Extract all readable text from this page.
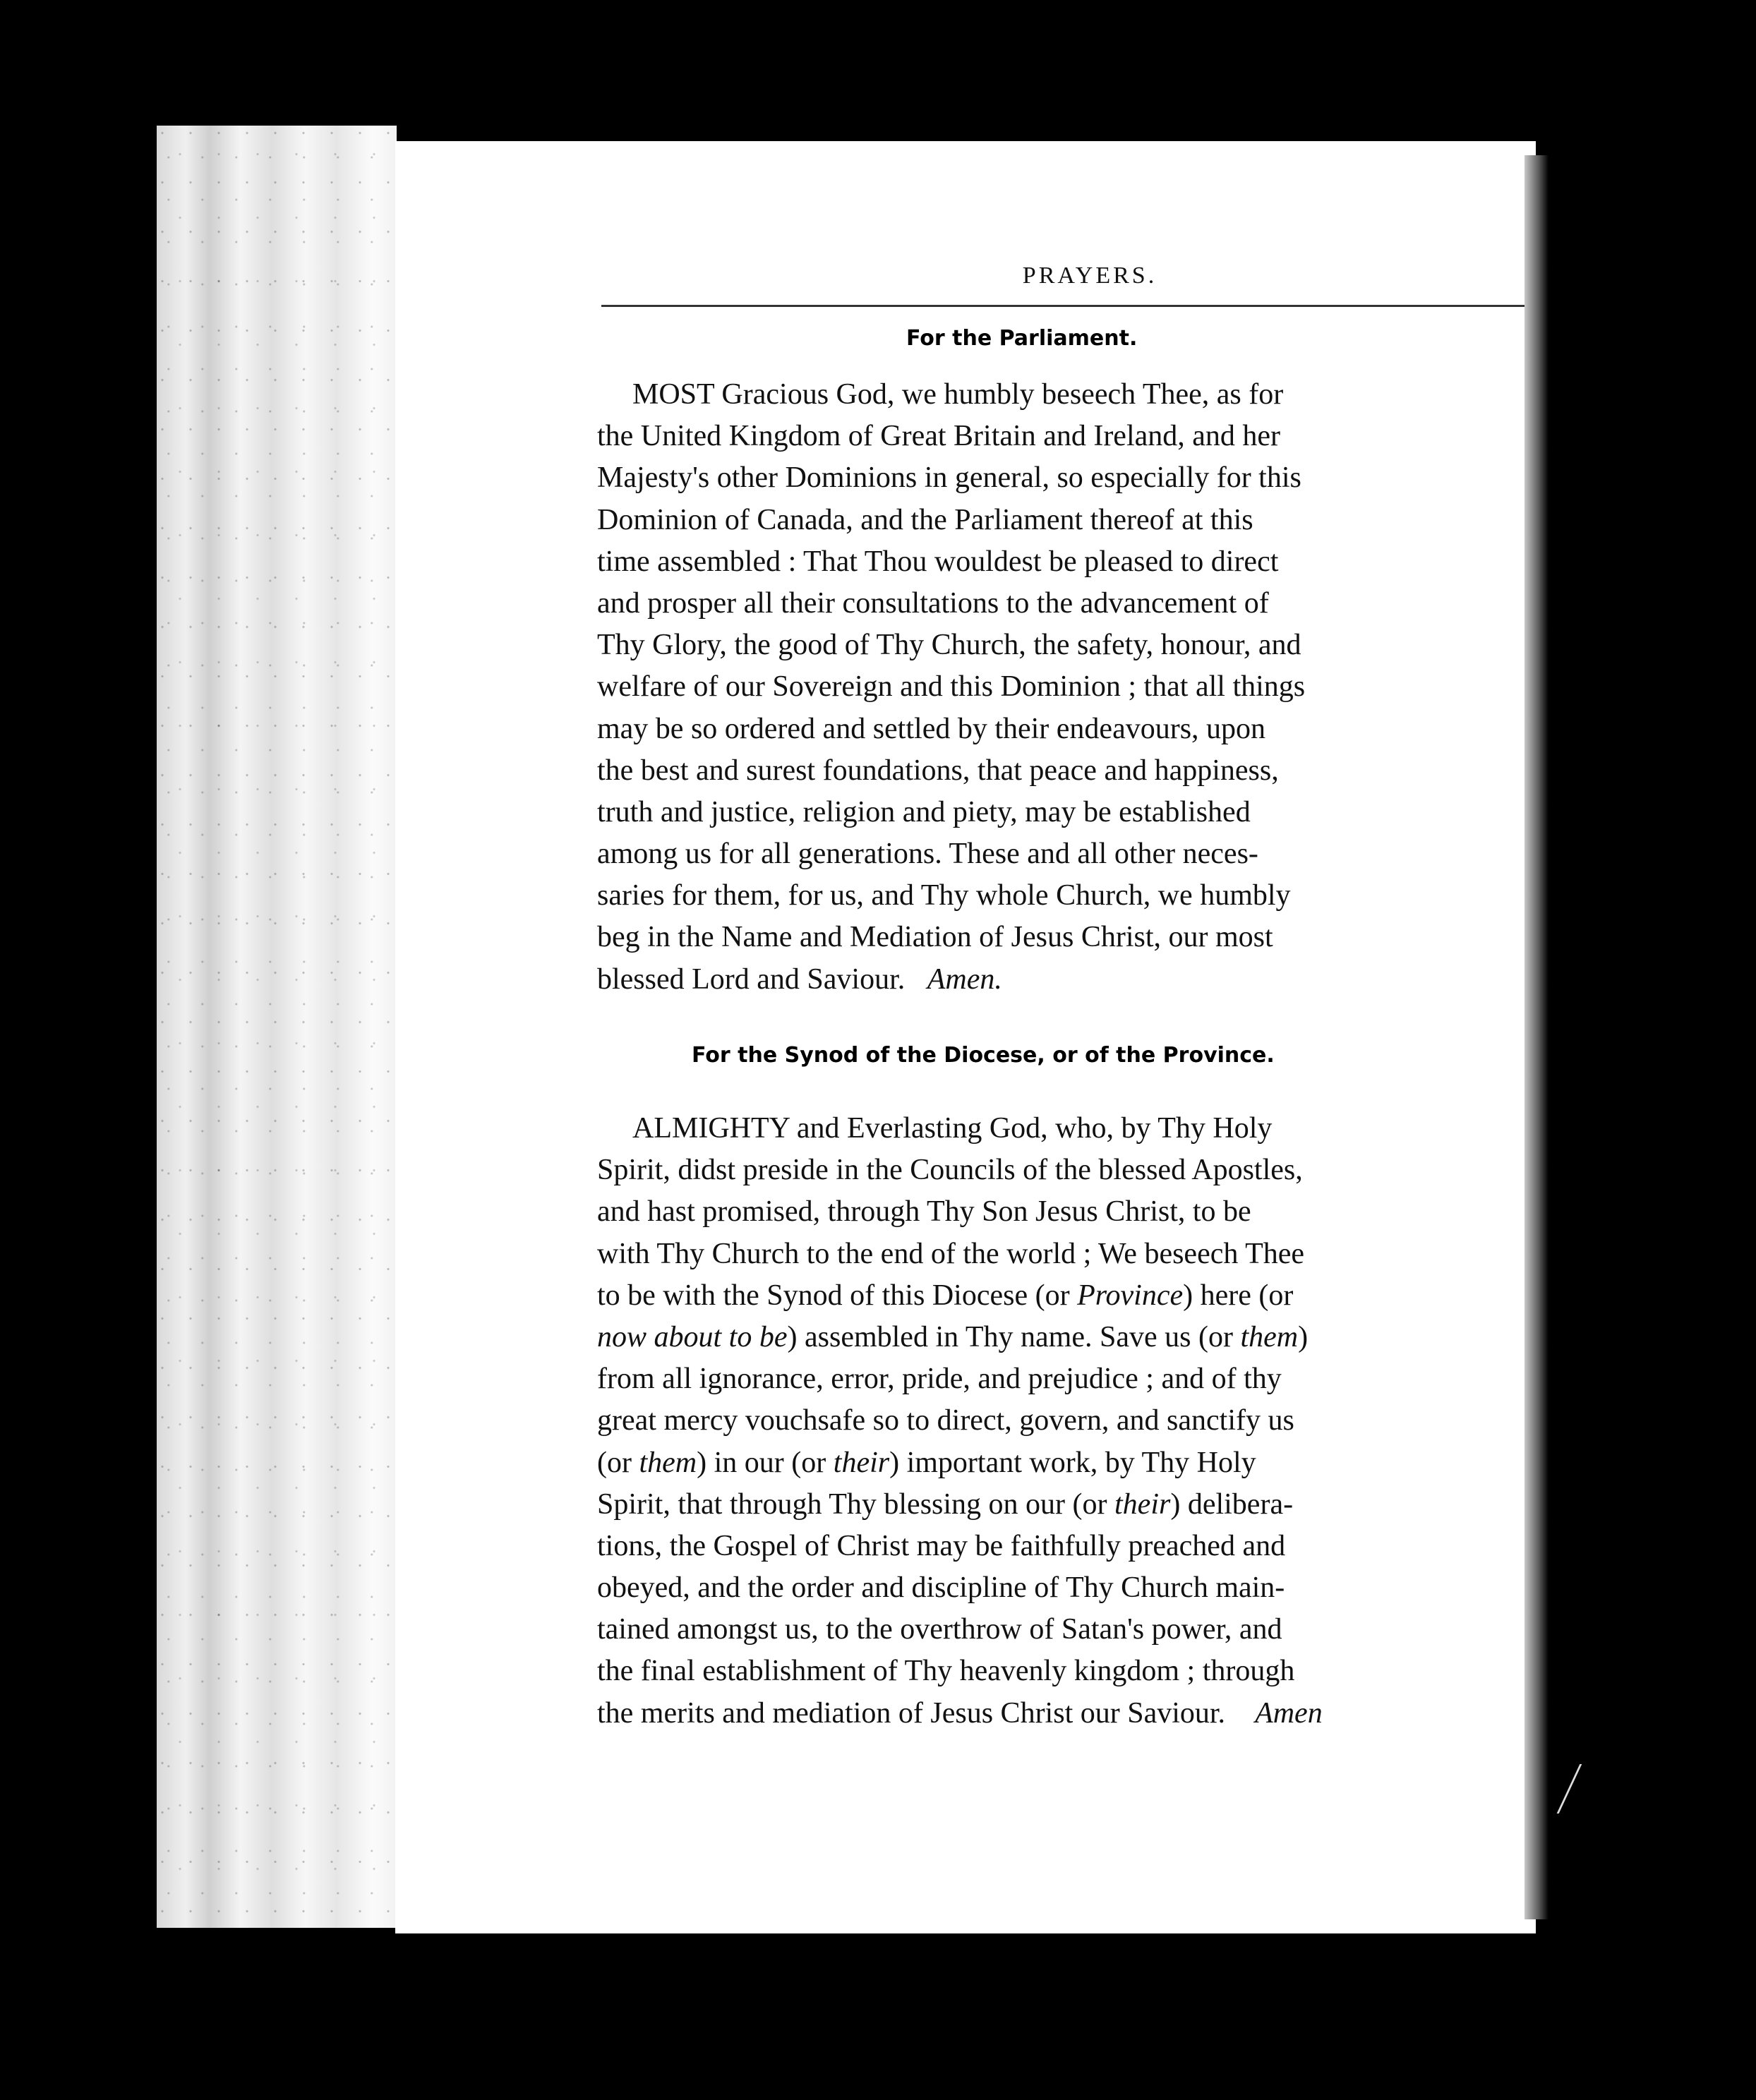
PRAYERS.
For the Parliament.
MOST Gracious God, we humbly beseech Thee, as for
the United Kingdom of Great Britain and Ireland, and her
Majesty's other Dominions in general, so especially for this
Dominion of Canada, and the Parliament thereof at this
time assembled : That Thou wouldest be pleased to direct
and prosper all their consultations to the advancement of
Thy Glory, the good of Thy Church, the safety, honour, and
welfare of our Sovereign and this Dominion ; that all things
may be so ordered and settled by their endeavours, upon
the best and surest foundations, that peace and happiness,
truth and justice, religion and piety, may be established
among us for all generations. These and all other neces-
saries for them, for us, and Thy whole Church, we humbly
beg in the Name and Mediation of Jesus Christ, our most
blessed Lord and Saviour. Amen.
For the Synod of the Diocese, or of the Province.
ALMIGHTY and Everlasting God, who, by Thy Holy
Spirit, didst preside in the Councils of the blessed Apostles,
and hast promised, through Thy Son Jesus Christ, to be
with Thy Church to the end of the world ; We beseech Thee
to be with the Synod of this Diocese (or Province) here (or
now about to be) assembled in Thy name. Save us (or them)
from all ignorance, error, pride, and prejudice ; and of thy
great mercy vouchsafe so to direct, govern, and sanctify us
(or them) in our (or their) important work, by Thy Holy
Spirit, that through Thy blessing on our (or their) delibera-
tions, the Gospel of Christ may be faithfully preached and
obeyed, and the order and discipline of Thy Church main-
tained amongst us, to the overthrow of Satan's power, and
the final establishment of Thy heavenly kingdom ; through
the merits and mediation of Jesus Christ our Saviour. Amen
